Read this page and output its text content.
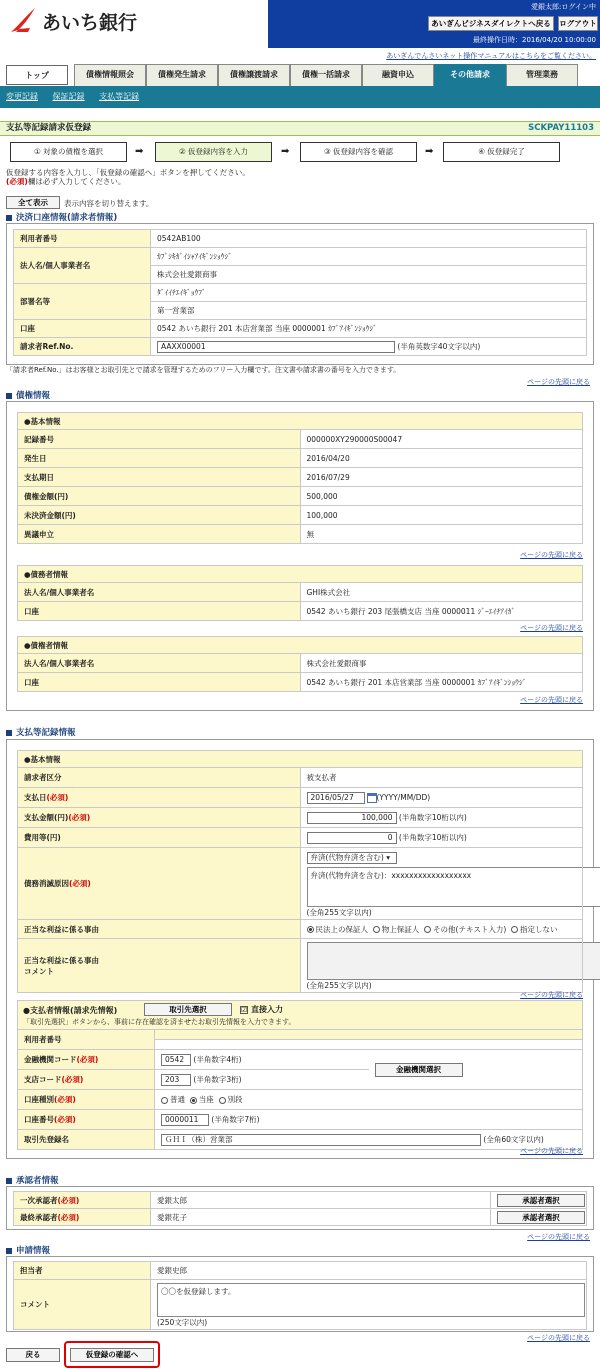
あいち銀行
愛銀太郎:ログイン中
あいぎんビジネスダイレクトへ戻る	ログアウト
最終操作日時：2016/04/20 10:00:00
あいぎんでんさいネット操作マニュアルはこちらをご覧ください。
トップ	債権情報照会	債権発生請求	債権譲渡請求	債権一括請求	融資申込	その他請求	管理業務
変更記録 保証記録 支払等記録
支払等記録請求仮登録	SCKPAY11103
① 対象の債権を選択	➡	② 仮登録内容を入力	➡	③ 仮登録内容を確認	➡	④ 仮登録完了
仮登録する内容を入力し、「仮登録の確認へ」ボタンを押してください。
(必須)欄は必ず入力してください。
全て表示	表示内容を切り替えます。
決済口座情報(請求者情報)
利用者番号	0542AB100
法人名/個人事業者名	ｶﾌﾞｼｷｶﾞｲｼｬｱｲｷﾞﾝｼｮｳｼﾞ
	株式会社愛銀商事
部署名等	ﾀﾞｲｲﾁｴｲｷﾞｮｳﾌﾞ
	第一営業部
口座	0542 あいち銀行 201 本店営業部 当座 0000001 ｶﾌﾞｱｲｷﾞﾝｼｮｳｼﾞ
請求者Ref.No.	AAXX00001 (半角英数字40文字以内)
「請求者Ref.No.」はお客様とお取引先とで請求を管理するためのフリー入力欄です。注文書や請求書の番号を入力できます。
ページの先頭に戻る
債権情報
●基本情報	
記録番号	000000XY290000S00047
発生日	2016/04/20
支払期日	2016/07/29
債権金額(円)	500,000
未決済金額(円)	100,000
異議申立	無
ページの先頭に戻る
●債務者情報	
法人名/個人事業者名	GHI株式会社
口座	0542 あいち銀行 203 尾張橋支店 当座 0000011 ｼﾞｰｴｲﾁｱｲｶﾞ
ページの先頭に戻る
●債権者情報	
法人名/個人事業者名	株式会社愛銀商事
口座	0542 あいち銀行 201 本店営業部 当座 0000001 ｶﾌﾞｱｲｷﾞﾝｼｮｳｼﾞ
ページの先頭に戻る
支払等記録情報
●基本情報	
請求者区分	被支払者
支払日(必須)	2016/05/27 (YYYY/MM/DD)
支払金額(円)(必須)	100,000 (半角数字10桁以内)
費用等(円)	0 (半角数字10桁以内)
債務消滅原因(必須)	弁済(代物弁済を含む) ▾
弁済(代物弁済を含む)：xxxxxxxxxxxxxxxxxx
(全角255文字以内)

正当な利益に係る事由	民法上の保証人 物上保証人 その他(テキスト入力) 指定しない
正当な利益に係る事由
コメント	(全角255文字以内)
ページの先頭に戻る
●支払者情報(請求先情報)	取引先選択	☑ 直接入力
「取引先選択」ボタンから、事前に存在確認を済ませたお取引先情報を入力できます。
利用者番号		
金融機関コード(必須)	0542 (半角数字4桁)	金融機関選択

支店コード(必須)	203 (半角数字3桁)	
口座種別(必須)	普通 当座 別段	
口座番号(必須)	0000011 (半角数字7桁)	
取引先登録名	ＧＨＩ（株）営業部 (全角60文字以内)	
ページの先頭に戻る
承認者情報
一次承認者(必須)	愛銀太郎	承認者選択

最終承認者(必須)	愛銀花子	承認者選択
ページの先頭に戻る
申請情報
担当者	愛銀史郎
コメント	〇〇を仮登録します。
(250文字以内)
ページの先頭に戻る
戻る	仮登録の確認へ
